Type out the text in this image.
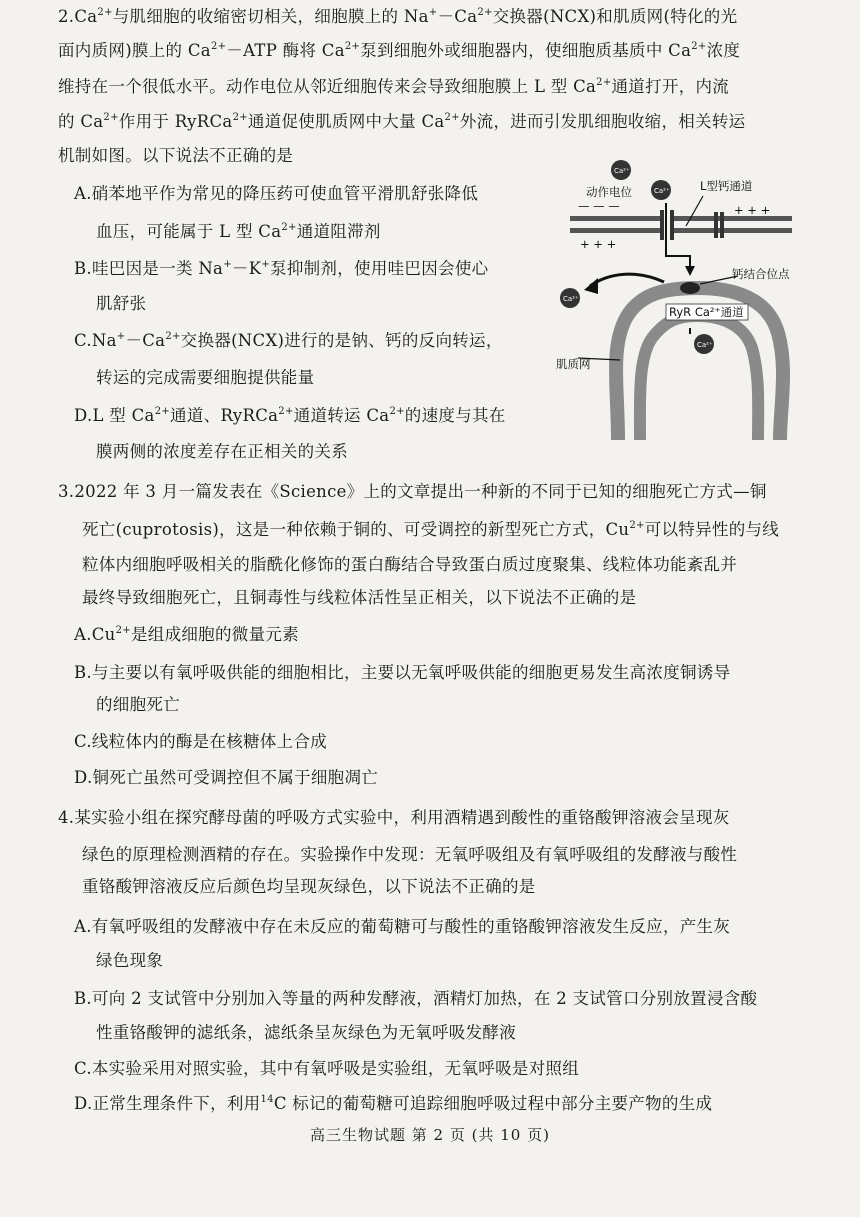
$2.Ca^{2+}$与肌细胞的收缩密切相关，细胞膜上的 $Na^+-Ca^{2+}$交换器(NCX)和肌质网(特化的光
面内质网)膜上的 $Ca^{2+}-ATP$ 酶将 $Ca^{2+}$泵到细胞外或细胞器内，使细胞质基质中 $Ca^{2+}$浓度
维持在一个很低水平。动作电位从邻近细胞传来会导致细胞膜上 L 型 $Ca^{2+}$通道打开，内流
的 $Ca^{2+}$作用于 RyRCa$^{2+}$通道促使肌质网中大量 $Ca^{2+}$外流，进而引发肌细胞收缩，相关转运
机制如图。以下说法不正确的是
A.硝苯地平作为常见的降压药可使血管平滑肌舒张降低
血压，可能属于 L 型 $Ca^{2+}$通道阻滞剂
B.哇巴因是一类 Na+－K+泵抑制剂，使用哇巴因会使心
肌舒张
$C.Na^+-Ca^{2+}$交换器(NCX)进行的是钠、钙的反向转运，
转运的完成需要细胞提供能量
D.L 型 $Ca^{2+}$通道、RyRCa$^{2+}$通道转运 $Ca^{2+}$的速度与其在
膜两侧的浓度差存在正相关的关系
— — —
+ + +
+ + +
Ca²⁺
Ca²⁺
动作电位	L型钙通道
钙结合位点
RyR Ca²⁺通道
Ca²⁺
Ca²⁺
肌质网
3.2022 年 3 月一篇发表在《Science》上的文章提出一种新的不同于已知的细胞死亡方式—铜
死亡(cuprotosis)，这是一种依赖于铜的、可受调控的新型死亡方式，$Cu^{2+}$可以特异性的与线
粒体内细胞呼吸相关的脂酰化修饰的蛋白酶结合导致蛋白质过度聚集、线粒体功能紊乱并
最终导致细胞死亡，且铜毒性与线粒体活性呈正相关，以下说法不正确的是
$A.Cu^{2+}$是组成细胞的微量元素
B.与主要以有氧呼吸供能的细胞相比，主要以无氧呼吸供能的细胞更易发生高浓度铜诱导
的细胞死亡
C.线粒体内的酶是在核糖体上合成
D.铜死亡虽然可受调控但不属于细胞凋亡
4.某实验小组在探究酵母菌的呼吸方式实验中，利用酒精遇到酸性的重铬酸钾溶液会呈现灰
绿色的原理检测酒精的存在。实验操作中发现：无氧呼吸组及有氧呼吸组的发酵液与酸性
重铬酸钾溶液反应后颜色均呈现灰绿色，以下说法不正确的是
A.有氧呼吸组的发酵液中存在未反应的葡萄糖可与酸性的重铬酸钾溶液发生反应，产生灰
绿色现象
B.可向 2 支试管中分别加入等量的两种发酵液，酒精灯加热，在 2 支试管口分别放置浸含酸
性重铬酸钾的滤纸条，滤纸条呈灰绿色为无氧呼吸发酵液
C.本实验采用对照实验，其中有氧呼吸是实验组，无氧呼吸是对照组
D.正常生理条件下，利用$^{14}$C 标记的葡萄糖可追踪细胞呼吸过程中部分主要产物的生成
高三生物试题 第 2 页 (共 10 页)
